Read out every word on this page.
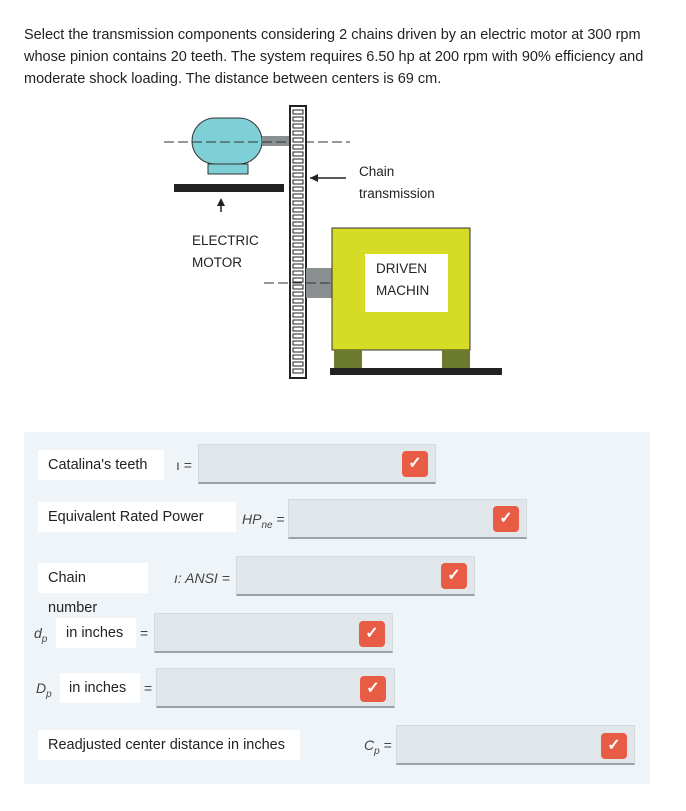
Select the transmission components considering 2 chains driven by an electric motor at 300 rpm whose pinion contains 20 teeth. The system requires 6.50 hp at 200 rpm with 90% efficiency and moderate shock loading. The distance between centers is 69 cm.
Chain
transmission
ELECTRIC
MOTOR	DRIVEN
MACHIN
Catalina's teeth	ı =	✓
Equivalent Rated Power	$HP_{ne}$ =	✓
Chain number
ı: ANSI =	✓
$d_p$	in inches	=	✓
$D_p$	in inches	=	✓
Readjusted center distance in inches	$C_p$ =	✓
